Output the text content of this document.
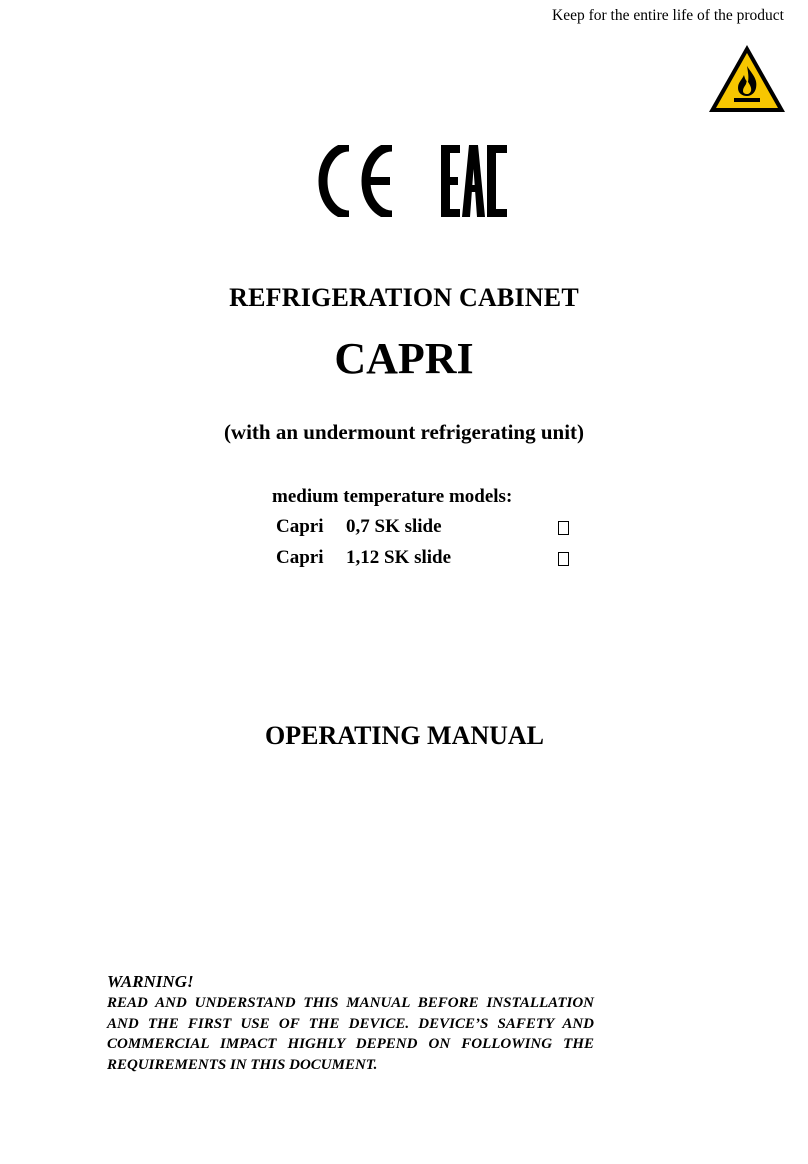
Keep for the entire life of the product
REFRIGERATION CABINET
CAPRI
(with an undermount refrigerating unit)
medium temperature models:
Capri 0,7 SK slide
Capri 1,12 SK slide
OPERATING MANUAL

WARNING!

READ AND UNDERSTAND THIS MANUAL BEFORE INSTALLATION AND THE FIRST USE OF THE DEVICE. DEVICE’S SAFETY AND COMMERCIAL IMPACT HIGHLY DEPEND ON FOLLOWING THE REQUIREMENTS IN THIS DOCUMENT.
